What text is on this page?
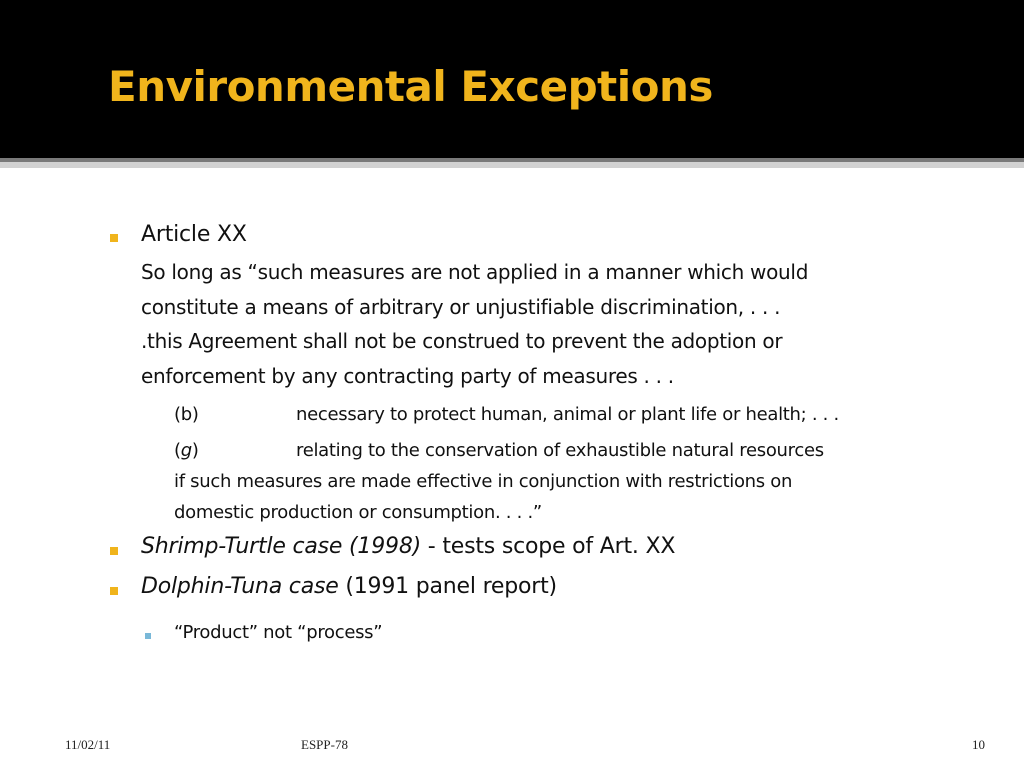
Environmental Exceptions
Article XX
So long as “such measures are not applied in a manner which would
constitute a means of arbitrary or unjustifiable discrimination, . . .
.this Agreement shall not be construed to prevent the adoption or
enforcement by any contracting party of measures . . .
(b)	necessary to protect human, animal or plant life or health; . . .
(g)	relating to the conservation of exhaustible natural resources
if such measures are made effective in conjunction with restrictions on
domestic production or consumption. . . .”
Shrimp-Turtle case (1998) - tests scope of Art. XX
Dolphin-Tuna case (1991 panel report)
“Product” not “process”
11/02/11	ESPP-78	10
